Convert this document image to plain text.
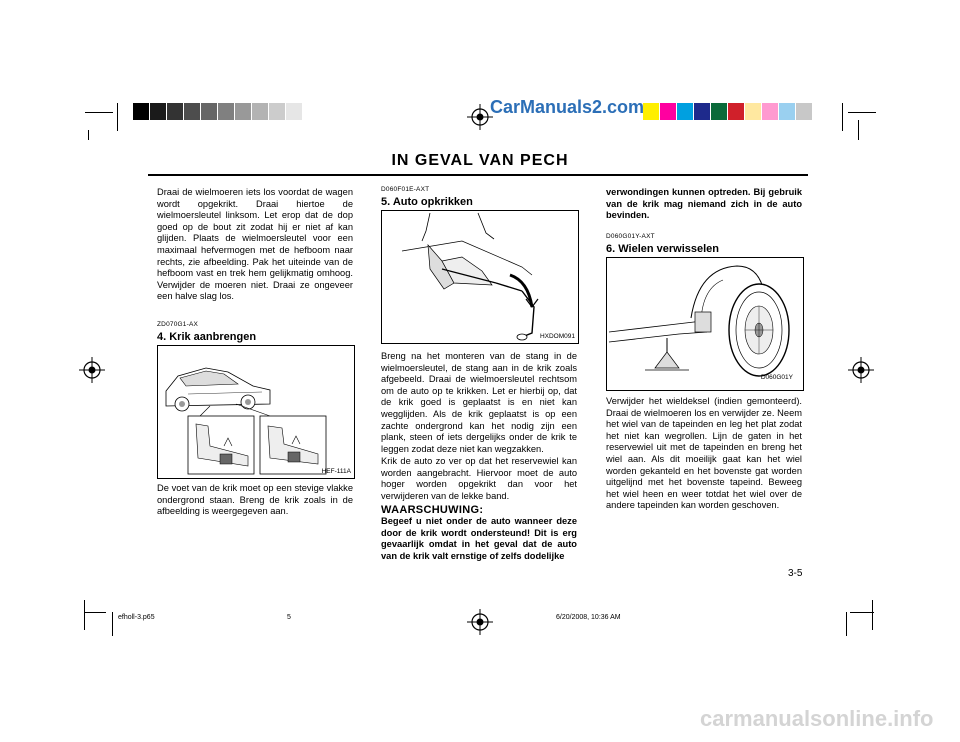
CarManuals2.com
IN GEVAL VAN PECH
Draai de wielmoeren iets los voordat de wagen wordt opgekrikt. Draai hiertoe de wielmoersleutel linksom. Let erop dat de dop goed op de bout zit zodat hij er niet af kan glijden. Plaats de wielmoersleutel voor een maximaal hefvermogen met de hefboom naar rechts, zie afbeelding. Pak het uiteinde van de hefboom vast en trek hem gelijkmatig omhoog. Verwijder de moeren niet. Draai ze ongeveer een halve slag los.
ZD070G1-AX
4. Krik aanbrengen
HEF-111A
De voet van de krik moet op een stevige vlakke ondergrond staan. Breng de krik zoals in de afbeelding is weergegeven aan.
D060F01E-AXT
5. Auto opkrikken
HXDOM091
Breng na het monteren van de stang in de wielmoersleutel, de stang aan in de krik zoals afgebeeld. Draai de wielmoersleutel rechtsom om de auto op te krikken. Let er hierbij op, dat de krik goed is geplaatst is en niet kan wegglijden. Als de krik geplaatst is op een zachte ondergrond kan het nodig zijn een plank, steen of iets dergelijks onder de krik te leggen zodat deze niet kan wegzakken.
Krik de auto zo ver op dat het reservewiel kan worden aangebracht. Hiervoor moet de auto hoger worden opgekrikt dan voor het verwijderen van de lekke band.
WAARSCHUWING:
Begeef u niet onder de auto wanneer deze door de krik wordt ondersteund! Dit is erg gevaarlijk omdat in het geval dat de auto van de krik valt ernstige of zelfs dodelijke
verwondingen kunnen optreden. Bij gebruik van de krik mag niemand zich in de auto bevinden.
D060G01Y-AXT
6. Wielen verwisselen
D060G01Y
Verwijder het wieldeksel (indien gemonteerd). Draai de wielmoeren los en verwijder ze. Neem het wiel van de tapeinden en leg het plat zodat het niet kan wegrollen. Lijn de gaten in het reservewiel uit met de tapeinden en breng het wiel aan. Als dit moeilijk gaat kan het wiel worden gekanteld en het bovenste gat worden uitgelijnd met het bovenste tapeind. Beweeg het wiel heen en weer totdat het wiel over de andere tapeinden kan worden geschoven.
3-5
efholl-3.p65	5	6/20/2008, 10:36 AM
carmanualsonline.info
